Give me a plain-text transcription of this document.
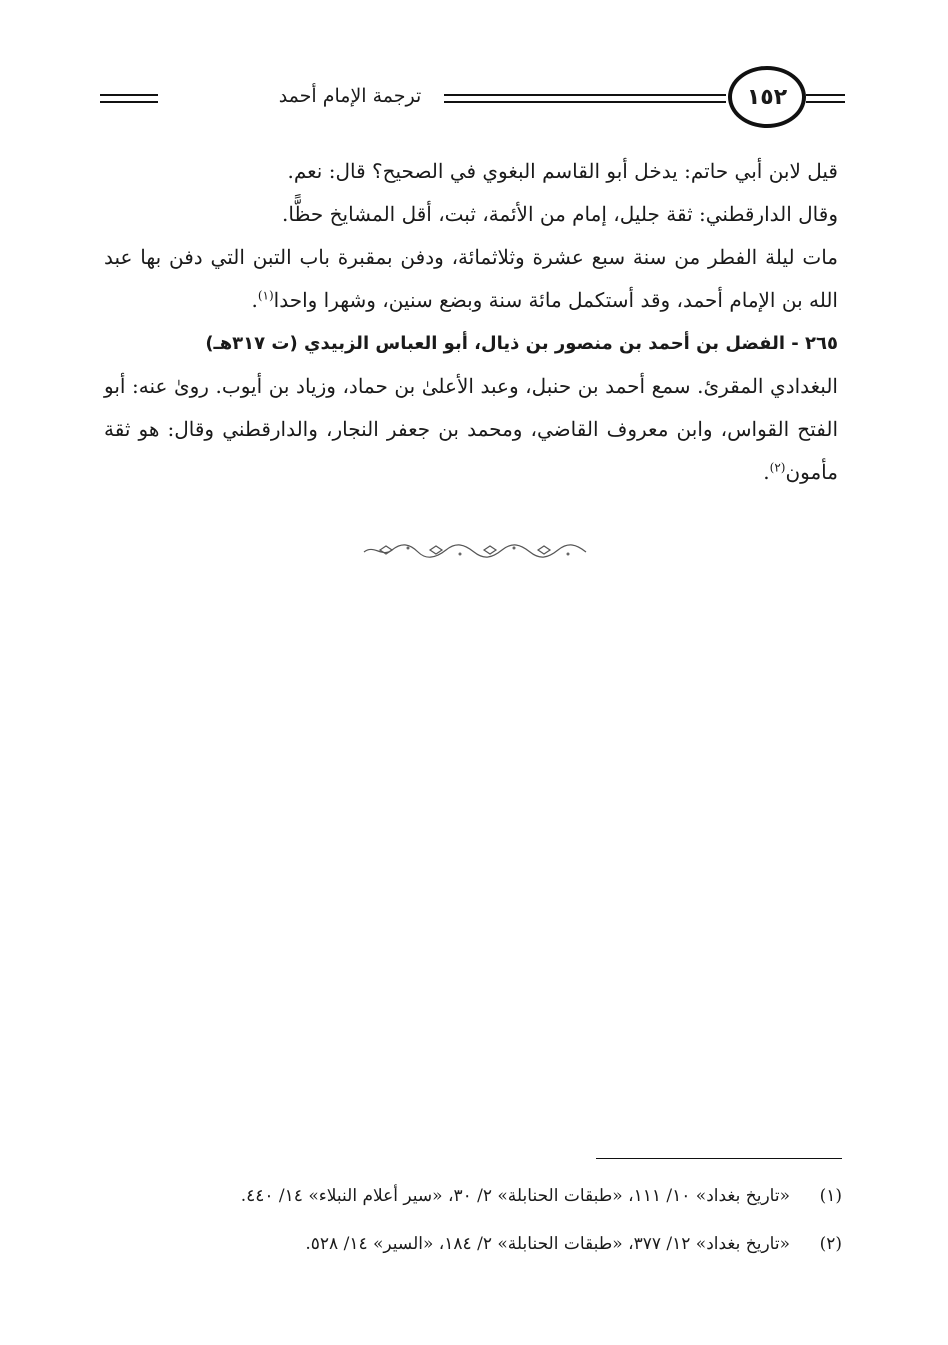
ترجمة الإمام أحمد	١٥٢

قيل لابن أبي حاتم: يدخل أبو القاسم البغوي في الصحيح؟ قال: نعم.

وقال الدارقطني: ثقة جليل، إمام من الأئمة، ثبت، أقل المشايخ حظًّا.

مات ليلة الفطر من سنة سبع عشرة وثلاثمائة، ودفن بمقبرة باب التبن التي دفن بها عبد الله بن الإمام أحمد، وقد أستكمل مائة سنة وبضع سنين، وشهرا واحدا$^{(١)}$.

٢٦٥ - الفضل بن أحمد بن منصور بن ذيال، أبو العباس الزبيدي (ت ٣١٧هـ)

البغدادي المقرئ. سمع أحمد بن حنبل، وعبد الأعلىٰ بن حماد، وزياد بن أيوب. روىٰ عنه: أبو الفتح القواس، وابن معروف القاضي، ومحمد بن جعفر النجار، والدارقطني وقال: هو ثقة مأمون$^{(٢)}$.

(١)
«تاريخ بغداد» ١٠/ ١١١، «طبقات الحنابلة» ٢/ ٣٠، «سير أعلام النبلاء» ١٤/ ٤٤٠.
(٢)
«تاريخ بغداد» ١٢/ ٣٧٧، «طبقات الحنابلة» ٢/ ١٨٤، «السير» ١٤/ ٥٢٨.
